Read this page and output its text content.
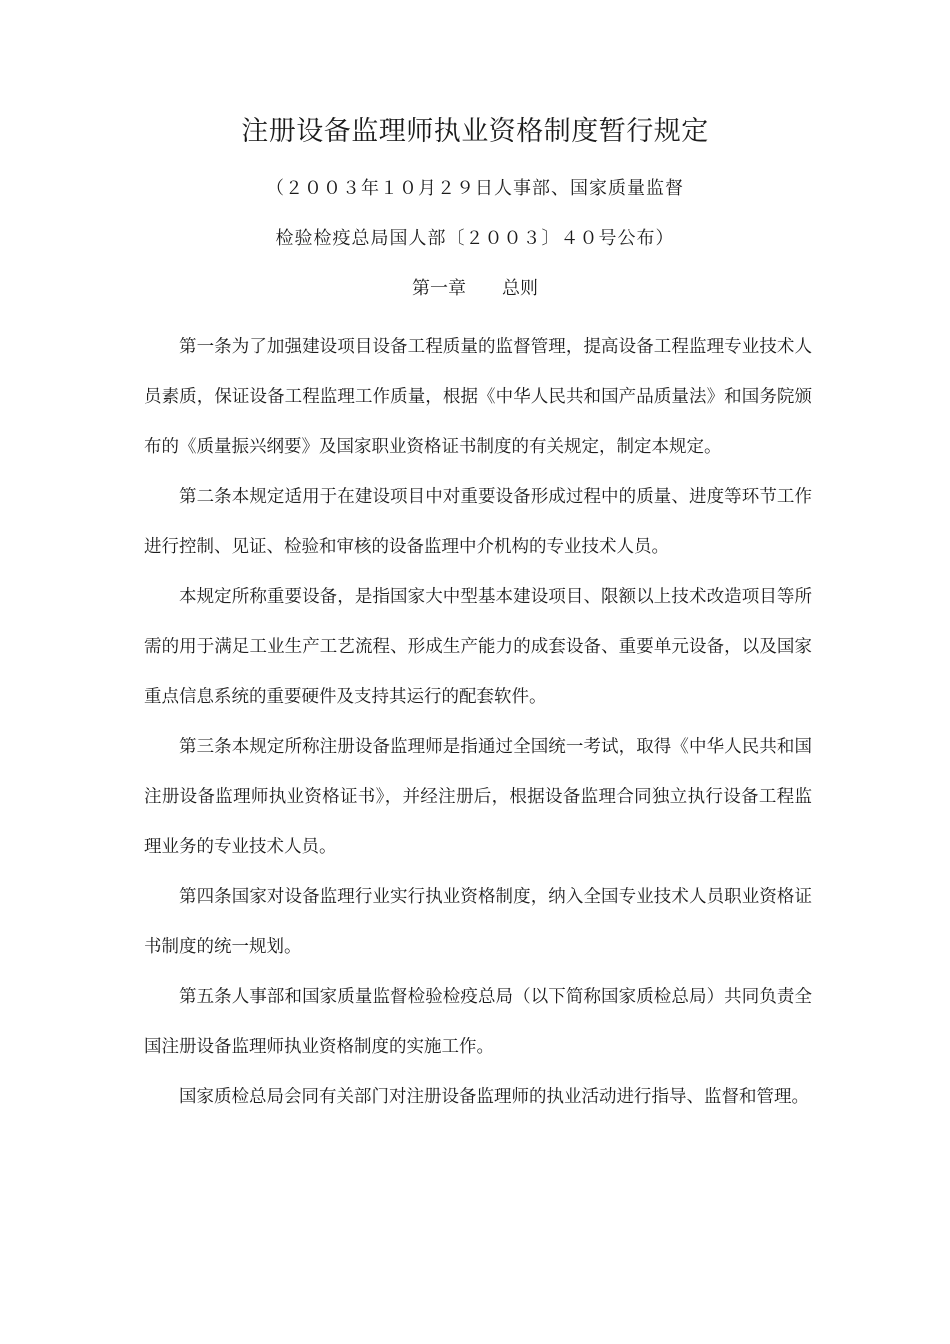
注册设备监理师执业资格制度暂行规定
（２００３年１０月２９日人事部、国家质量监督
检验检疫总局国人部〔２００３〕４０号公布）
第一章　　总则

第一条为了加强建设项目设备工程质量的监督管理，提高设备工程监理专业技术人员素质，保证设备工程监理工作质量，根据《中华人民共和国产品质量法》和国务院颁布的《质量振兴纲要》及国家职业资格证书制度的有关规定，制定本规定。

第二条本规定适用于在建设项目中对重要设备形成过程中的质量、进度等环节工作进行控制、见证、检验和审核的设备监理中介机构的专业技术人员。

本规定所称重要设备，是指国家大中型基本建设项目、限额以上技术改造项目等所需的用于满足工业生产工艺流程、形成生产能力的成套设备、重要单元设备，以及国家重点信息系统的重要硬件及支持其运行的配套软件。

第三条本规定所称注册设备监理师是指通过全国统一考试，取得《中华人民共和国注册设备监理师执业资格证书》，并经注册后，根据设备监理合同独立执行设备工程监理业务的专业技术人员。

第四条国家对设备监理行业实行执业资格制度，纳入全国专业技术人员职业资格证书制度的统一规划。

第五条人事部和国家质量监督检验检疫总局（以下简称国家质检总局）共同负责全国注册设备监理师执业资格制度的实施工作。

国家质检总局会同有关部门对注册设备监理师的执业活动进行指导、监督和管理。
